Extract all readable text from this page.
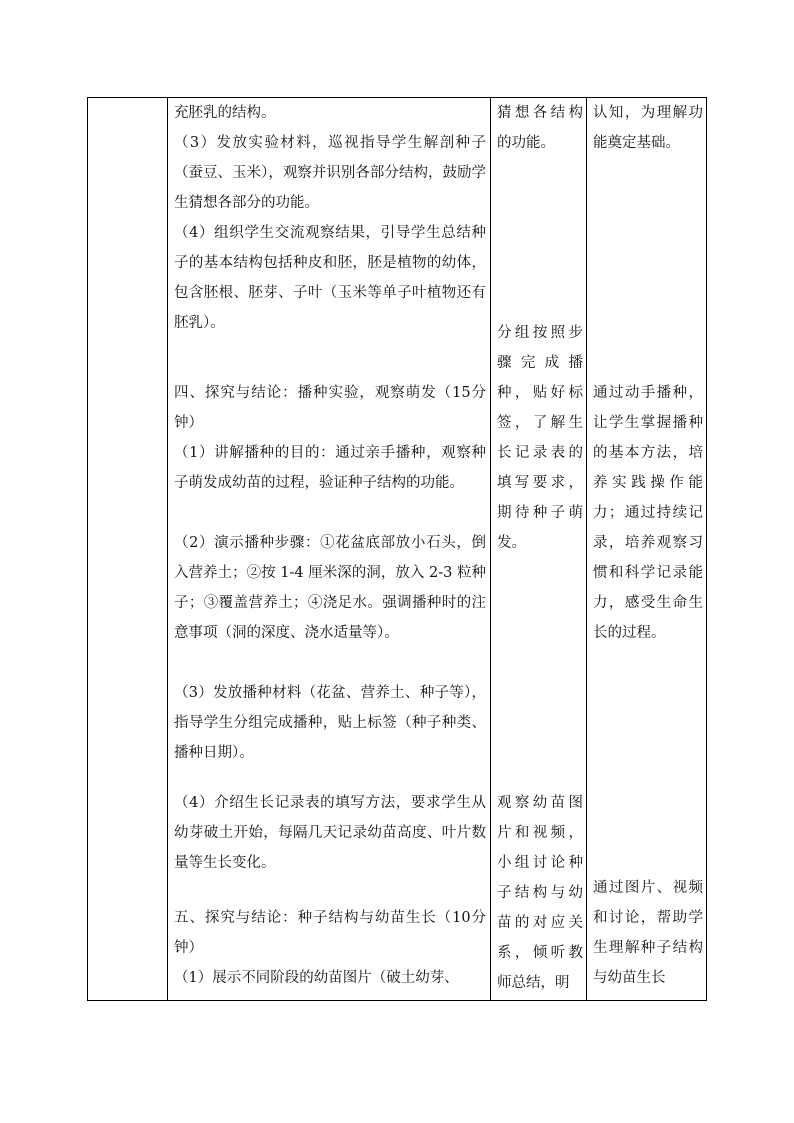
充胚乳的结构。
（3）发放实验材料，巡视指导学生解剖种子（蚕豆、玉米），观察并识别各部分结构，鼓励学生猜想各部分的功能。
（4）组织学生交流观察结果，引导学生总结种子的基本结构包括种皮和胚，胚是植物的幼体，包含胚根、胚芽、子叶（玉米等单子叶植物还有胚乳）。
四、探究与结论：播种实验，观察萌发（15分钟）
（1）讲解播种的目的：通过亲手播种，观察种子萌发成幼苗的过程，验证种子结构的功能。
（2）演示播种步骤：①花盆底部放小石头，倒入营养土；②按 1-4 厘米深的洞，放入 2-3 粒种子；③覆盖营养土；④浇足水。强调播种时的注意事项（洞的深度、浇水适量等）。
（3）发放播种材料（花盆、营养土、种子等），指导学生分组完成播种，贴上标签（种子种类、播种日期）。
（4）介绍生长记录表的填写方法，要求学生从幼芽破土开始，每隔几天记录幼苗高度、叶片数量等生长变化。
五、探究与结论：种子结构与幼苗生长（10分钟）
（1）展示不同阶段的幼苗图片（破土幼芽、
猜想各结构的功能。
分组按照步骤完成播种，贴好标签，了解生长记录表的填写要求，期待种子萌发。
观察幼苗图片和视频，小组讨论种子结构与幼苗的对应关系，倾听教师总结，明
认知，为理解功能奠定基础。
通过动手播种，让学生掌握播种的基本方法，培养实践操作能力；通过持续记录，培养观察习惯和科学记录能力，感受生命生长的过程。
通过图片、视频和讨论，帮助学生理解种子结构与幼苗生长
